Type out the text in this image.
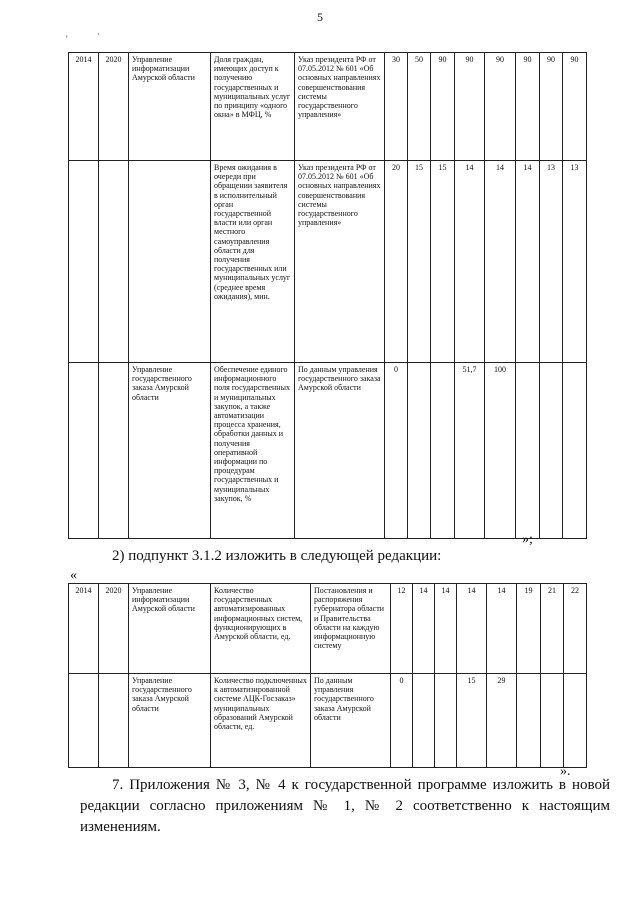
5
'	`
2014	2020	Управление информатизации Амурской области	Доля граждан, имеющих доступ к получению государственных и муниципальных услуг по принципу «одного окна» в МФЦ, %	Указ президента РФ от 07.05.2012 № 601 «Об основных направлениях совершенствования системы государственного управления»	30	50	90	90	90	90	90	90
			Время ожидания в очереди при обращении заявителя в исполнительный орган государственной власти или орган местного самоуправления области для получения государственных или муниципальных услуг (среднее время ожидания), мин.	Указ президента РФ от 07.05.2012 № 601 «Об основных направлениях совершенствования системы государственного управления»	20	15	15	14	14	14	13	13
		Управление государственного заказа Амурской области	Обеспечение единого информационного поля государственных и муниципальных закупок, а также автоматизации процесса хранения, обработки данных и получения оперативной информации по процедурам государственных и муниципальных закупок, %	По данным управления государственного заказа Амурской области	0			51,7	100			
»;
2) подпункт 3.1.2 изложить в следующей редакции:
«
2014	2020	Управление информатизации Амурской области	Количество государственных автоматизированных информационных систем, функционирующих в Амурской области, ед.	Постановления и распоряжения губернатора области и Правительства области на каждую информационную систему	12	14	14	14	14	19	21	22
		Управление государственного заказа Амурской области	Количество подключенных к автоматизированной системе АЦК-Госзаказ» муниципальных образований Амурской области, ед.	По данным управления государственного заказа Амурской области	0			15	29			
».
7. Приложения № 3, № 4 к государственной программе изложить в новой редакции согласно приложениям № 1, № 2 соответственно к настоящим изменениям.
